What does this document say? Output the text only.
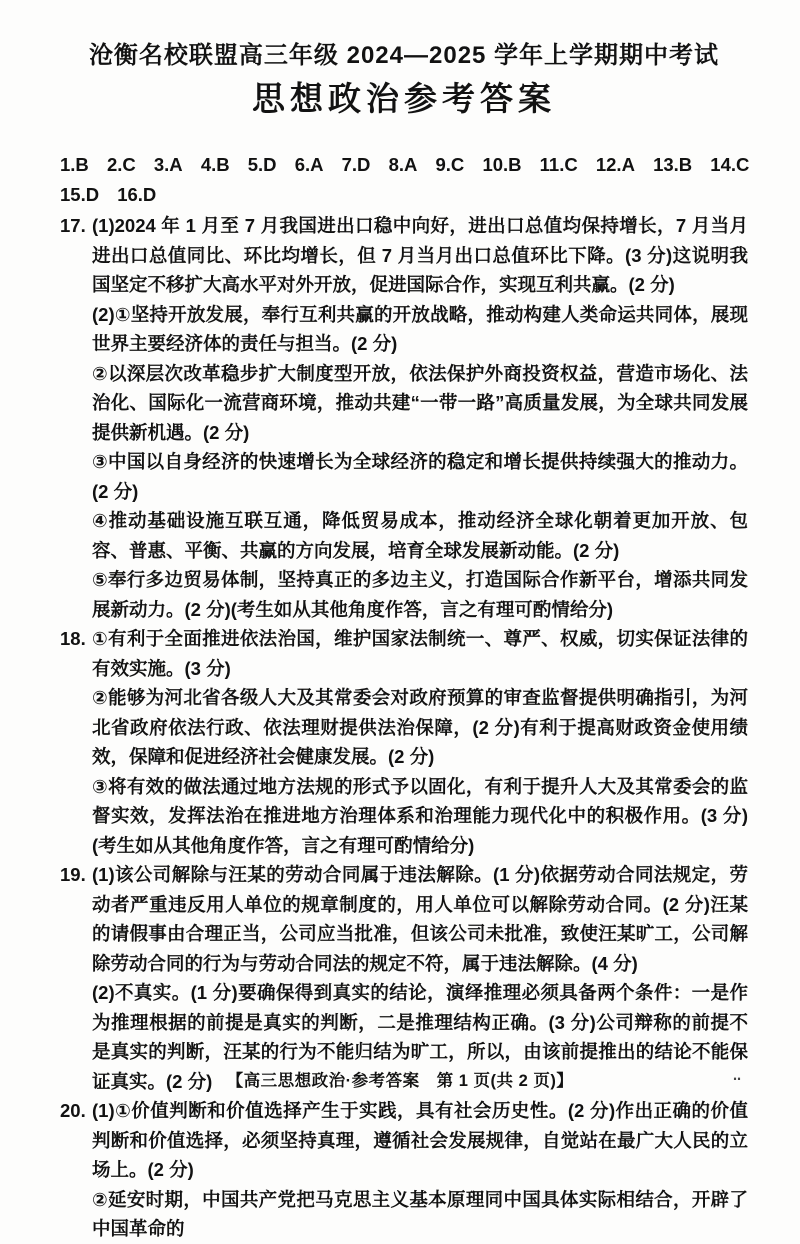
沧衡名校联盟高三年级 2024—2025 学年上学期期中考试
思想政治参考答案
1.B 2.C 3.A 4.B 5.D 6.A 7.D 8.A 9.C 10.B 11.C 12.A 13.B 14.C
15.D 16.D
17. (1)2024 年 1 月至 7 月我国进出口稳中向好，进出口总值均保持增长，7 月当月进出口总值同比、环比均增长，但 7 月当月出口总值环比下降。(3 分)这说明我国坚定不移扩大高水平对外开放，促进国际合作，实现互利共赢。(2 分)

(2)①坚持开放发展，奉行互利共赢的开放战略，推动构建人类命运共同体，展现世界主要经济体的责任与担当。(2 分)

②以深层次改革稳步扩大制度型开放，依法保护外商投资权益，营造市场化、法治化、国际化一流营商环境，推动共建“一带一路”高质量发展，为全球共同发展提供新机遇。(2 分)

③中国以自身经济的快速增长为全球经济的稳定和增长提供持续强大的推动力。(2 分)

④推动基础设施互联互通，降低贸易成本，推动经济全球化朝着更加开放、包容、普惠、平衡、共赢的方向发展，培育全球发展新动能。(2 分)

⑤奉行多边贸易体制，坚持真正的多边主义，打造国际合作新平台，增添共同发展新动力。(2 分)(考生如从其他角度作答，言之有理可酌情给分)

18. ①有利于全面推进依法治国，维护国家法制统一、尊严、权威，切实保证法律的有效实施。(3 分)

②能够为河北省各级人大及其常委会对政府预算的审查监督提供明确指引，为河北省政府依法行政、依法理财提供法治保障，(2 分)有利于提高财政资金使用绩效，保障和促进经济社会健康发展。(2 分)

③将有效的做法通过地方法规的形式予以固化，有利于提升人大及其常委会的监督实效，发挥法治在推进地方治理体系和治理能力现代化中的积极作用。(3 分)(考生如从其他角度作答，言之有理可酌情给分)

19. (1)该公司解除与汪某的劳动合同属于违法解除。(1 分)依据劳动合同法规定，劳动者严重违反用人单位的规章制度的，用人单位可以解除劳动合同。(2 分)汪某的请假事由合理正当，公司应当批准，但该公司未批准，致使汪某旷工，公司解除劳动合同的行为与劳动合同法的规定不符，属于违法解除。(4 分)

(2)不真实。(1 分)要确保得到真实的结论，演绎推理必须具备两个条件：一是作为推理根据的前提是真实的判断，二是推理结构正确。(3 分)公司辩称的前提不是真实的判断，汪某的行为不能归结为旷工，所以，由该前提推出的结论不能保证真实。(2 分)

20. (1)①价值判断和价值选择产生于实践，具有社会历史性。(2 分)作出正确的价值判断和价值选择，必须坚持真理，遵循社会发展规律，自觉站在最广大人民的立场上。(2 分)

②延安时期，中国共产党把马克思主义基本原理同中国具体实际相结合，开辟了中国革命的

【高三思想政治·参考答案　第 1 页(共 2 页)】	‥
